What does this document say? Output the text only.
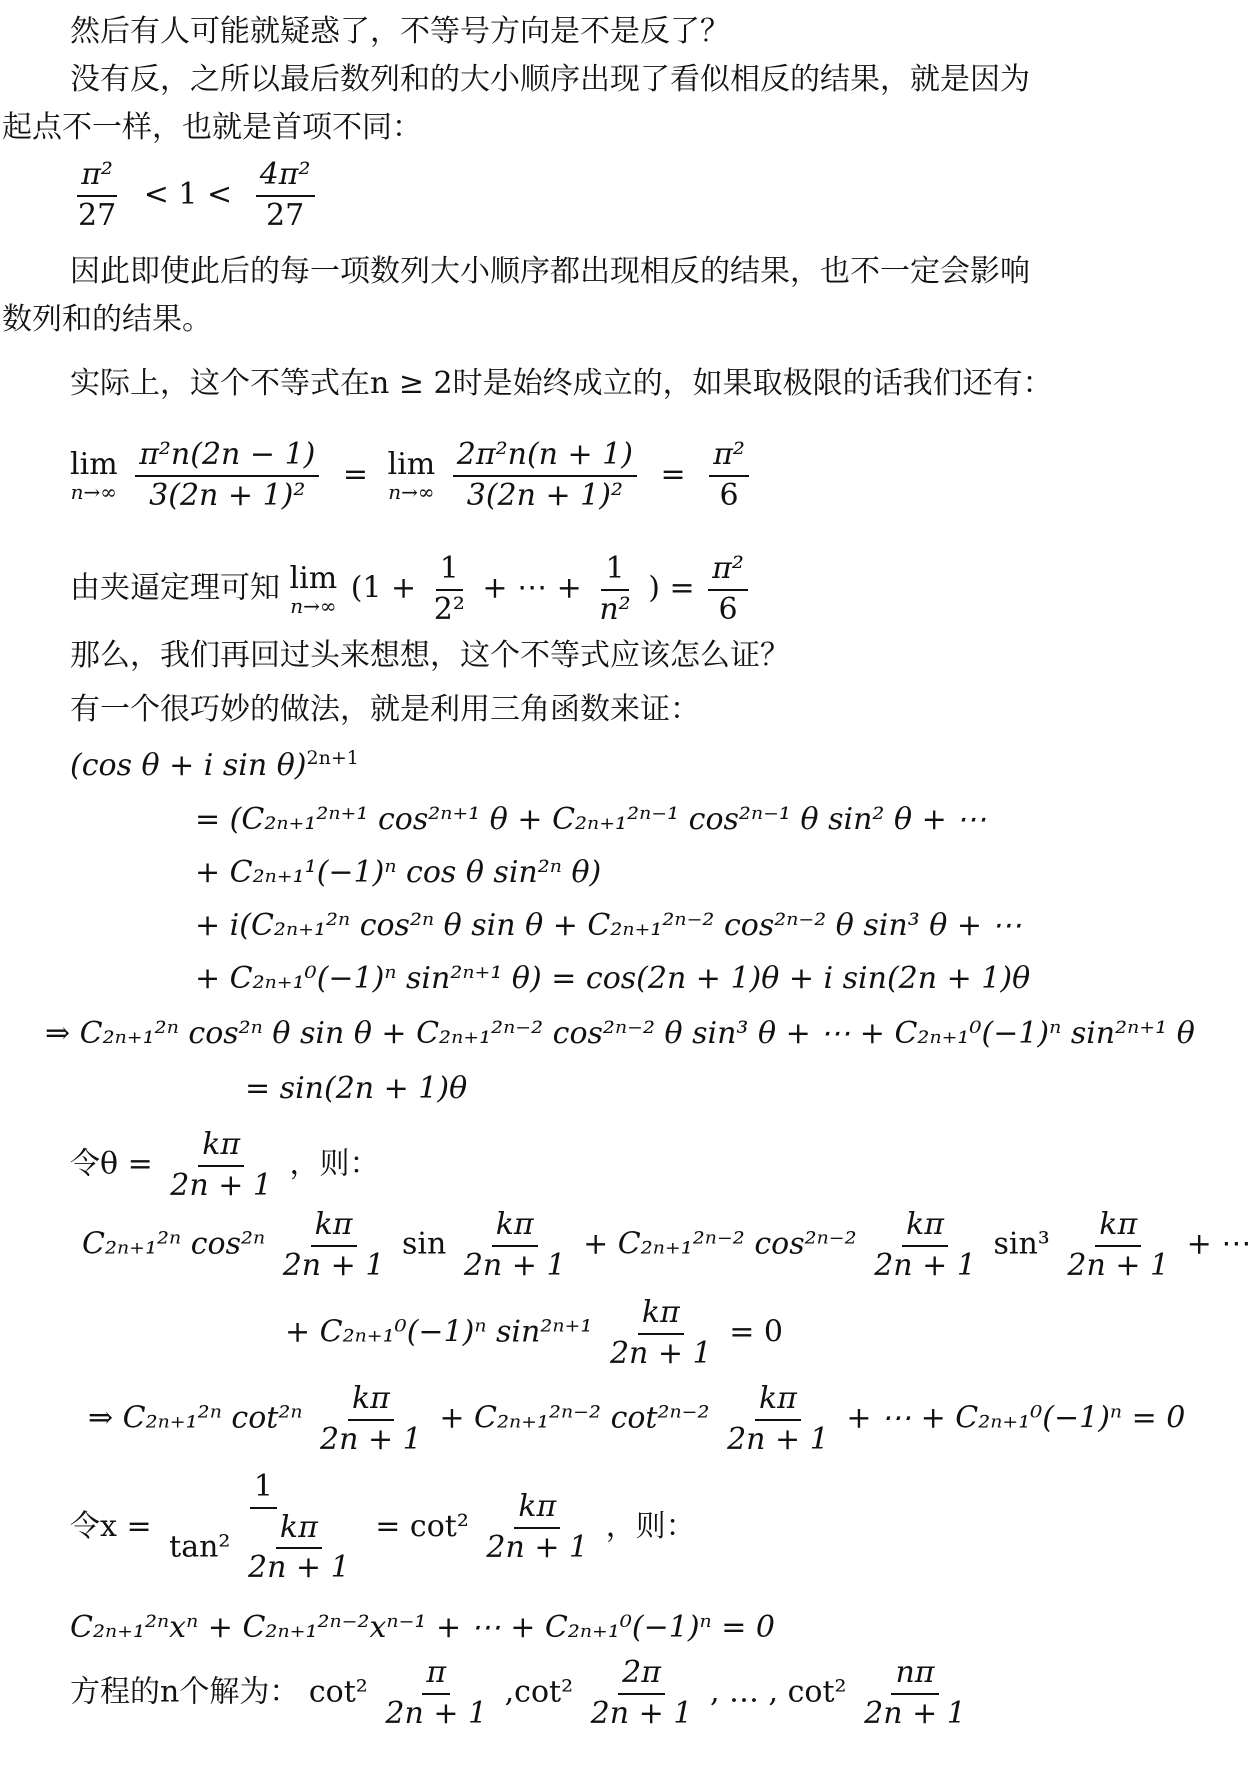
然后有人可能就疑惑了，不等号方向是不是反了？
没有反，之所以最后数列和的大小顺序出现了看似相反的结果，就是因为
起点不一样，也就是首项不同：
$\frac{\text{π²}}{27} < 1 < \frac{\text{4π²}}{27}$
因此即使此后的每一项数列大小顺序都出现相反的结果，也不一定会影响
数列和的结果。
实际上，这个不等式在n ≥ 2时是始终成立的，如果取极限的话我们还有：
lim
n→∞
$\frac{\text{π²n(2n − 1)}}{\text{3(2n + 1)²}} = \lim$
n→∞
$\frac{\text{2π²n(n + 1)}}{\text{3(2n + 1)²}} = \frac{\text{π²}}{6}$
由夹逼定理可知 lim
n→∞
($1 + \frac{1}{\text{2²}}$ + ⋯ + $\frac{1}{\text{n²}}$ ) = $\frac{\text{π²}}{6}$
那么，我们再回过头来想想，这个不等式应该怎么证？
有一个很巧妙的做法，就是利用三角函数来证：
(cos θ + i sin θ)$^{2n+1}$
= (C₂ₙ₊₁²ⁿ⁺¹ cos²ⁿ⁺¹ θ + C₂ₙ₊₁²ⁿ⁻¹ cos²ⁿ⁻¹ θ sin² θ + ⋯
+ C₂ₙ₊₁¹(−1)ⁿ cos θ sin²ⁿ θ)
+ i(C₂ₙ₊₁²ⁿ cos²ⁿ θ sin θ + C₂ₙ₊₁²ⁿ⁻² cos²ⁿ⁻² θ sin³ θ + ⋯
+ C₂ₙ₊₁⁰(−1)ⁿ sin²ⁿ⁺¹ θ) = cos(2n + 1)θ + i sin(2n + 1)θ
⇒ C₂ₙ₊₁²ⁿ cos²ⁿ θ sin θ + C₂ₙ₊₁²ⁿ⁻² cos²ⁿ⁻² θ sin³ θ + ⋯ + C₂ₙ₊₁⁰(−1)ⁿ sin²ⁿ⁺¹ θ
= sin(2n + 1)θ
令$\theta = \frac{k\pi}{2n + 1}$ ，则：
C₂ₙ₊₁²ⁿ $\cos^{2n} \frac{k\pi}{2n + 1}$ $\sin \frac{k\pi}{2n + 1} + C_{2n+1}^{2n-2}$ $\cos^{2n-2} \frac{k\pi}{2n + 1} \sin^3 \frac{k\pi}{2n + 1}$ + ⋯
+ C₂ₙ₊₁⁰(−1)ⁿ $\sin^{2n+1} \frac{k\pi}{2n + 1} = 0$
⇒ C₂ₙ₊₁²ⁿ $\cot^{2n} \frac{k\pi}{2n + 1} + C_{2n+1}^{2n-2}$ $\cot^{2n-2} \frac{k\pi}{2n + 1}$ + ⋯ + C₂ₙ₊₁⁰(−1)ⁿ = 0
令$x = \frac{1}{\tan^2 \frac{k\pi}{2n + 1}} = \cot^2 \frac{k\pi}{2n + 1}$ ，则：
C₂ₙ₊₁²ⁿxⁿ + C₂ₙ₊₁²ⁿ⁻²xⁿ⁻¹ + ⋯ + C₂ₙ₊₁⁰(−1)ⁿ = 0
方程的n个解为： $\cot^2 \frac{\pi}{2n + 1} ,\cot^2 \frac{2\pi}{2n + 1}$ , … , $\cot^2 \frac{n\pi}{2n + 1}$
